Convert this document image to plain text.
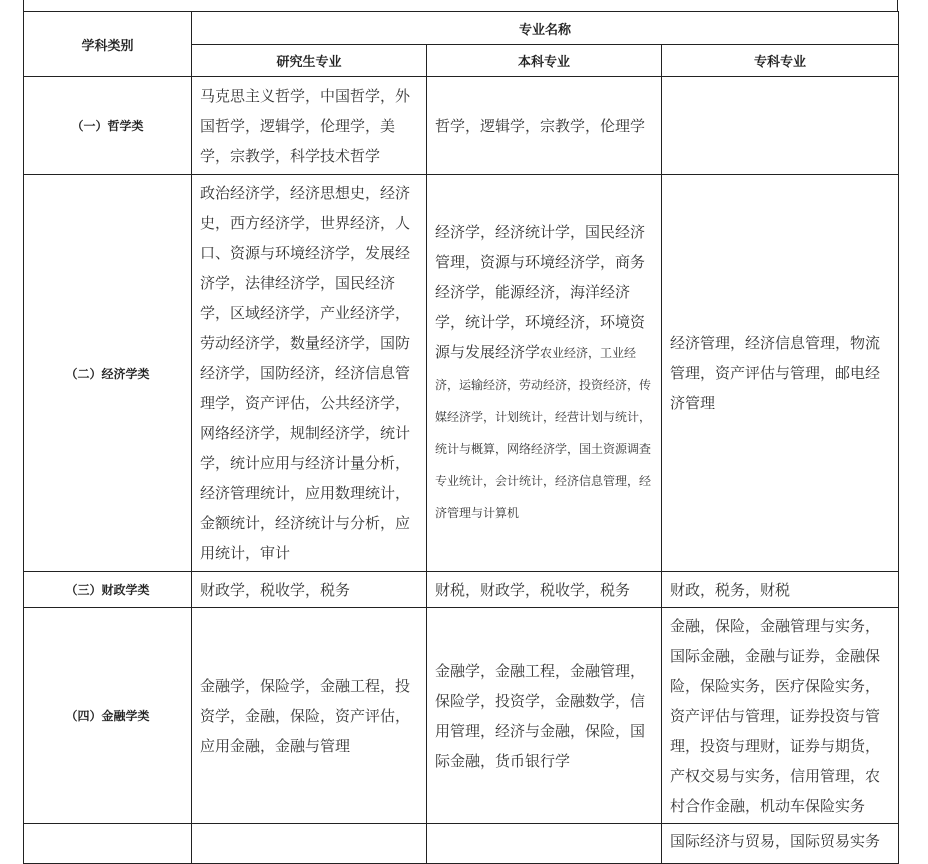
学科类别	专业名称		
	研究生专业	本科专业	专科专业
（一）哲学类	马克思主义哲学，中国哲学，外国哲学，逻辑学，伦理学，美学，宗教学，科学技术哲学	哲学，逻辑学，宗教学，伦理学	
（二）经济学类	政治经济学，经济思想史，经济史，西方经济学，世界经济，人口、资源与环境经济学，发展经济学，法律经济学，国民经济学，区域经济学，产业经济学，劳动经济学，数量经济学，国防经济学，国防经济，经济信息管理学，资产评估，公共经济学，网络经济学，规制经济学，统计学，统计应用与经济计量分析，经济管理统计，应用数理统计，金额统计，经济统计与分析，应用统计，审计	经济学，经济统计学，国民经济管理，资源与环境经济学，商务经济学，能源经济，海洋经济学，统计学，环境经济，环境资源与发展经济学农业经济，工业经济，运输经济，劳动经济，投资经济，传媒经济学，计划统计，经营计划与统计，统计与概算，网络经济学，国土资源调查专业统计，会计统计，经济信息管理，经济管理与计算机	经济管理，经济信息管理，物流管理，资产评估与管理，邮电经济管理
（三）财政学类	财政学，税收学，税务	财税，财政学，税收学，税务	财政，税务，财税
（四）金融学类	金融学，保险学，金融工程，投资学，金融，保险，资产评估，应用金融，金融与管理	金融学，金融工程，金融管理，保险学，投资学，金融数学，信用管理，经济与金融，保险，国际金融，货币银行学	金融，保险，金融管理与实务，国际金融，金融与证券，金融保险，保险实务，医疗保险实务，资产评估与管理，证券投资与管理，投资与理财，证券与期货，产权交易与实务，信用管理，农村合作金融，机动车保险实务
			国际经济与贸易，国际贸易实务
